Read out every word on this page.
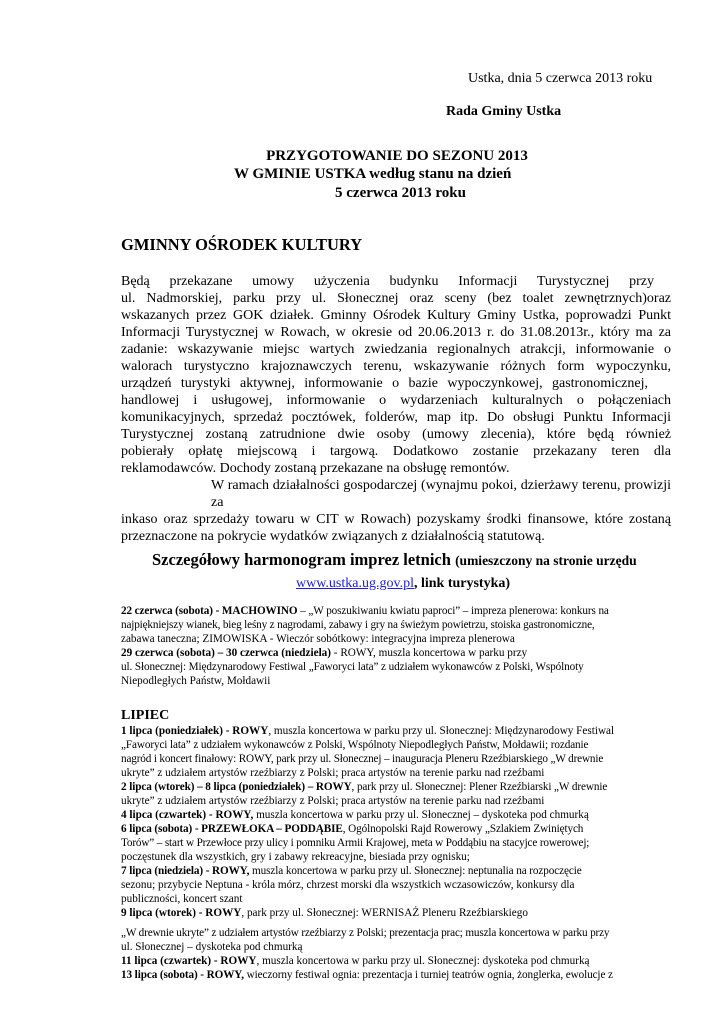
Ustka, dnia 5 czerwca 2013 roku
Rada Gminy Ustka
PRZYGOTOWANIE DO SEZONU 2013
W GMINIE USTKA według stanu na dzień
5 czerwca 2013 roku
GMINNY OŚRODEK KULTURY
Będą przekazane umowy użyczenia budynku Informacji Turystycznej przy
ul. Nadmorskiej, parku przy ul. Słonecznej oraz sceny (bez toalet zewnętrznych)oraz
wskazanych przez GOK działek. Gminny Ośrodek Kultury Gminy Ustka, poprowadzi Punkt
Informacji Turystycznej w Rowach, w okresie od 20.06.2013 r. do 31.08.2013r., który ma za
zadanie: wskazywanie miejsc wartych zwiedzania regionalnych atrakcji, informowanie o
walorach turystyczno krajoznawczych terenu, wskazywanie różnych form wypoczynku,
urządzeń turystyki aktywnej, informowanie o bazie wypoczynkowej, gastronomicznej,
handlowej i usługowej, informowanie o wydarzeniach kulturalnych o połączeniach
komunikacyjnych, sprzedaż pocztówek, folderów, map itp. Do obsługi Punktu Informacji
Turystycznej zostaną zatrudnione dwie osoby (umowy zlecenia), które będą również
pobierały opłatę miejscową i targową. Dodatkowo zostanie przekazany teren dla
reklamodawców. Dochody zostaną przekazane na obsługę remontów.
W ramach działalności gospodarczej (wynajmu pokoi, dzierżawy terenu, prowizji za
inkaso oraz sprzedaży towaru w CIT w Rowach) pozyskamy środki finansowe, które zostaną
przeznaczone na pokrycie wydatków związanych z działalnością statutową.
Szczegółowy harmonogram imprez letnich (umieszczony na stronie urzędu
www.ustka.ug.gov.pl, link turystyka)
22 czerwca (sobota) - MACHOWINO – „W poszukiwaniu kwiatu paproci” – impreza plenerowa: konkurs na
najpiękniejszy wianek, bieg leśny z nagrodami, zabawy i gry na świeżym powietrzu, stoiska gastronomiczne,
zabawa taneczna; ZIMOWISKA - Wieczór sobótkowy: integracyjna impreza plenerowa
29 czerwca (sobota) – 30 czerwca (niedziela) - ROWY, muszla koncertowa w parku przy
ul. Słonecznej: Międzynarodowy Festiwal „Faworyci lata” z udziałem wykonawców z Polski, Wspólnoty
Niepodległych Państw, Mołdawii
LIPIEC
1 lipca (poniedziałek) - ROWY, muszla koncertowa w parku przy ul. Słonecznej: Międzynarodowy Festiwal
„Faworyci lata” z udziałem wykonawców z Polski, Wspólnoty Niepodległych Państw, Mołdawii; rozdanie
nagród i koncert finałowy: ROWY, park przy ul. Słonecznej – inauguracja Pleneru Rzeźbiarskiego „W drewnie
ukryte” z udziałem artystów rzeźbiarzy z Polski; praca artystów na terenie parku nad rzeźbami
2 lipca (wtorek) – 8 lipca (poniedziałek) – ROWY, park przy ul. Słonecznej: Plener Rzeźbiarski „W drewnie
ukryte” z udziałem artystów rzeźbiarzy z Polski; praca artystów na terenie parku nad rzeźbami
4 lipca (czwartek) - ROWY, muszla koncertowa w parku przy ul. Słonecznej – dyskoteka pod chmurką
6 lipca (sobota) - PRZEWŁOKA – PODDĄBIE, Ogólnopolski Rajd Rowerowy „Szlakiem Zwiniętych
Torów” – start w Przewłoce przy ulicy i pomniku Armii Krajowej, meta w Poddąbiu na stacyjce rowerowej;
poczęstunek dla wszystkich, gry i zabawy rekreacyjne, biesiada przy ognisku;
7 lipca (niedziela) - ROWY, muszla koncertowa w parku przy ul. Słonecznej: neptunalia na rozpoczęcie
sezonu; przybycie Neptuna - króla mórz, chrzest morski dla wszystkich wczasowiczów, konkursy dla
publiczności, koncert szant
9 lipca (wtorek) - ROWY, park przy ul. Słonecznej: WERNISAŻ Pleneru Rzeźbiarskiego
„W drewnie ukryte” z udziałem artystów rzeźbiarzy z Polski; prezentacja prac; muszla koncertowa w parku przy
ul. Słonecznej – dyskoteka pod chmurką
11 lipca (czwartek) - ROWY, muszla koncertowa w parku przy ul. Słonecznej: dyskoteka pod chmurką
13 lipca (sobota) - ROWY, wieczorny festiwal ognia: prezentacja i turniej teatrów ognia, żonglerka, ewolucje z
